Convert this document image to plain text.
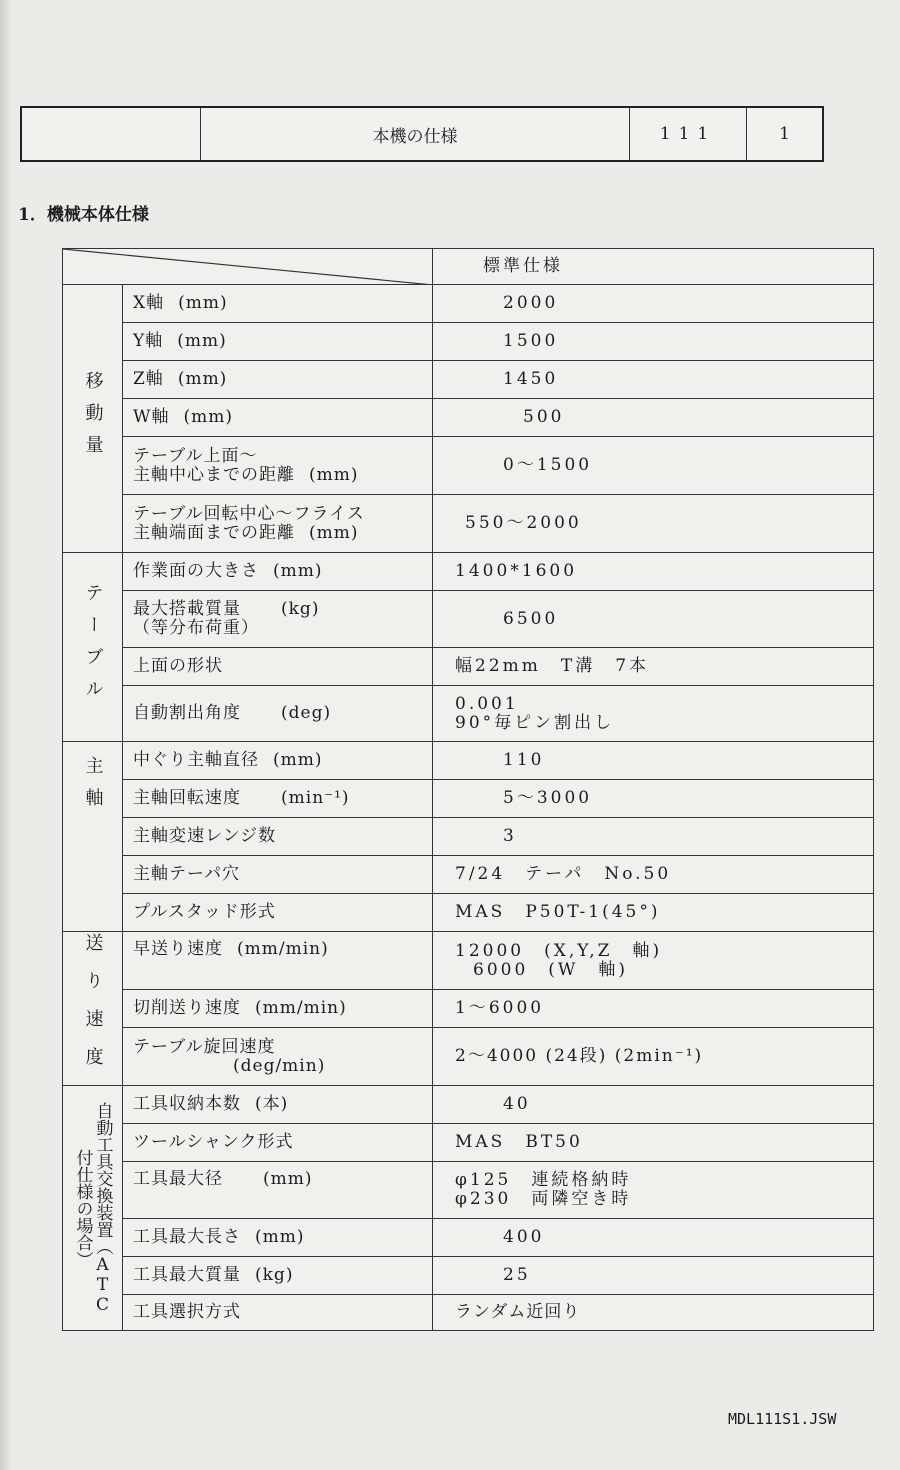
本機の仕様	111	1
1．機械本体仕様
	標準仕様

移動量	X軸 (mm)	2000
	Y軸 (mm)	1500
	Z軸 (mm)	1450
	W軸 (mm)	500

	テーブル上面～
主軸中心までの距離 (mm)	0～1500

	テーブル回転中心～フライス
主軸端面までの距離 (mm)	550～2000

テーブル	作業面の大きさ (mm)	1400*1600

	最大搭載質量 (kg)
（等分布荷重）	6500
	上面の形状	幅22mm　T溝　7本
	自動割出角度 (deg)	0.001
90°毎ピン割出し

主軸	中ぐり主軸直径 (mm)	110
	主軸回転速度 (min⁻¹)	5～3000
	主軸変速レンジ数	3
	主軸テーパ穴	7/24　テーパ　No.50
	プルスタッド形式	MAS　P50T-1(45°)

送り速度	早送り速度 (mm/min)	12000　(X,Y,Z　軸)
6000　(W　軸)

	切削送り速度 (mm/min)	1～6000

	テーブル旋回速度
(deg/min)	2～4000 (24段) (2min⁻¹)

自動工具交換装置（ATC付仕様の場合）	工具収納本数 (本)	40
	ツールシャンク形式	MAS　BT50
	工具最大径 (mm)	φ125　連続格納時
φ230　両隣空き時

	工具最大長さ (mm)	400
	工具最大質量 (kg)	25
	工具選択方式	ランダム近回り
MDL111S1.JSW
